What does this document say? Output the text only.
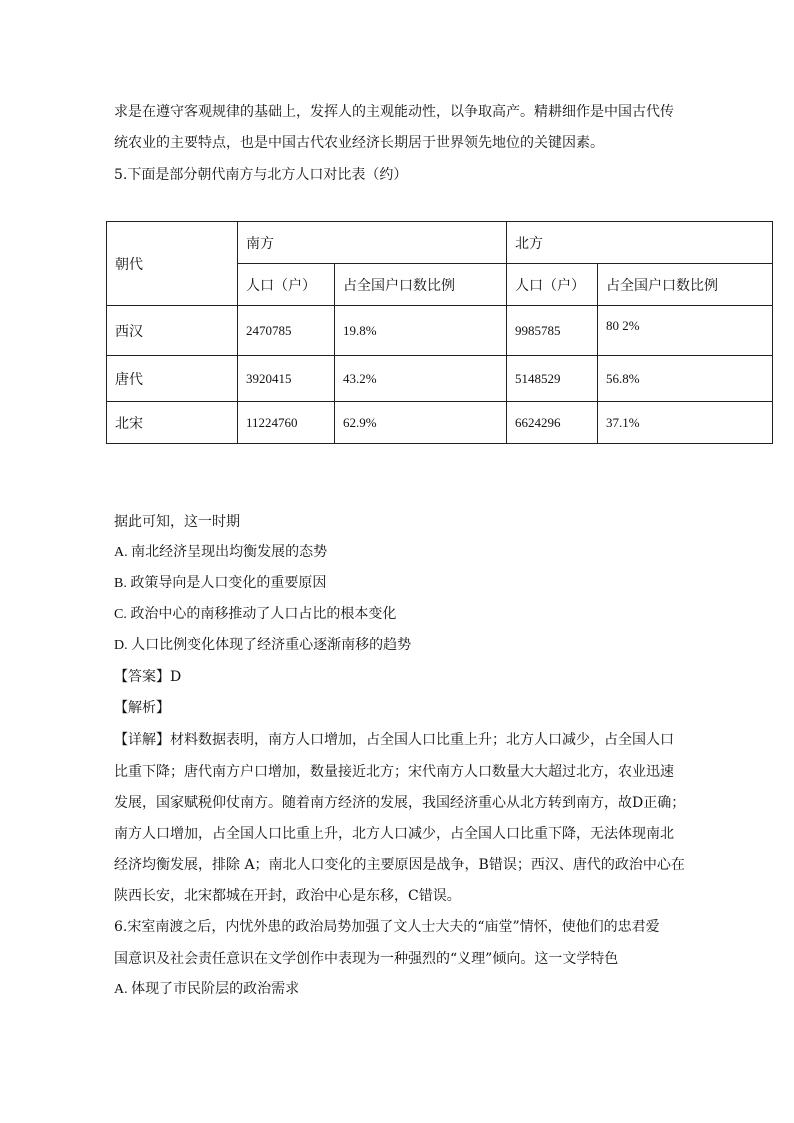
求是在遵守客观规律的基础上，发挥人的主观能动性，以争取高产。精耕细作是中国古代传
统农业的主要特点，也是中国古代农业经济长期居于世界领先地位的关键因素。
5.下面是部分朝代南方与北方人口对比表（约）
朝代	南方		北方	
	人口（户）	占全国户口数比例	人口（户）	占全国户口数比例
西汉	2470785	19.8%	9985785	80 2%
唐代	3920415	43.2%	5148529	56.8%
北宋	11224760	62.9%	6624296	37.1%
据此可知，这一时期
A. 南北经济呈现出均衡发展的态势
B. 政策导向是人口变化的重要原因
C. 政治中心的南移推动了人口占比的根本变化
D. 人口比例变化体现了经济重心逐渐南移的趋势
【答案】D
【解析】
【详解】材料数据表明，南方人口增加，占全国人口比重上升；北方人口减少，占全国人口
比重下降；唐代南方户口增加，数量接近北方；宋代南方人口数量大大超过北方，农业迅速
发展，国家赋税仰仗南方。随着南方经济的发展，我国经济重心从北方转到南方，故D正确；
南方人口增加，占全国人口比重上升，北方人口减少，占全国人口比重下降，无法体现南北
经济均衡发展，排除 A；南北人口变化的主要原因是战争，B错误；西汉、唐代的政治中心在
陕西长安，北宋都城在开封，政治中心是东移，C错误。
6.宋室南渡之后，内忧外患的政治局势加强了文人士大夫的“庙堂”情怀，使他们的忠君爱
国意识及社会责任意识在文学创作中表现为一种强烈的“义理”倾向。这一文学特色
A. 体现了市民阶层的政治需求
